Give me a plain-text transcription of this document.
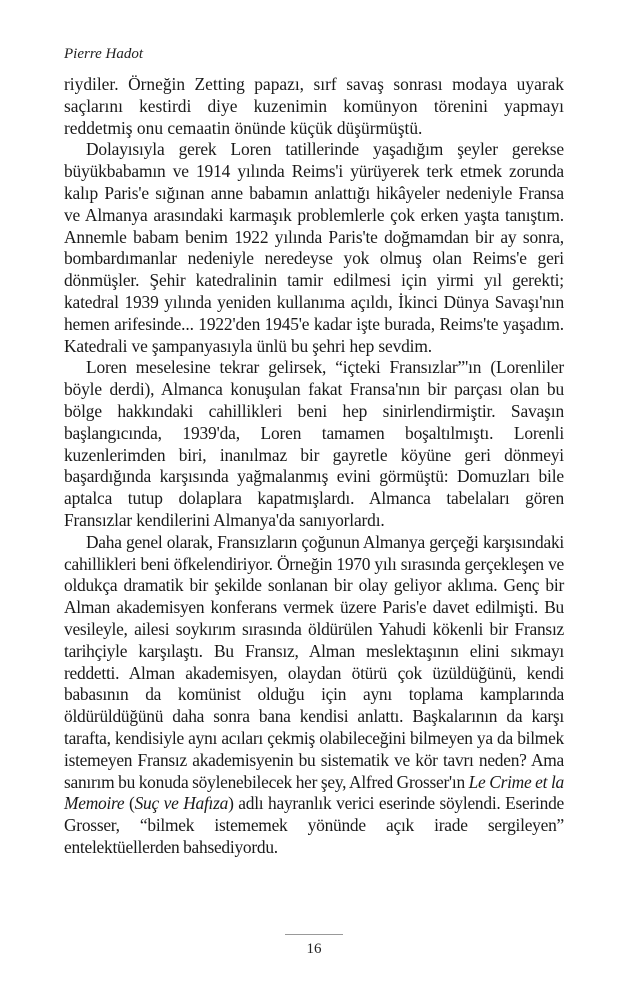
Pierre Hadot

riydiler. Örneğin Zetting papazı, sırf savaş sonrası modaya uyarak saçlarını kestirdi diye kuzenimin komünyon törenini yapmayı reddetmiş onu cemaatin önünde küçük düşürmüştü.

Dolayısıyla gerek Loren tatillerinde yaşadığım şeyler gerekse büyükbabamın ve 1914 yılında Reims'i yürüyerek terk etmek zorunda kalıp Paris'e sığınan anne babamın anlattığı hikâyeler nedeniyle Fransa ve Almanya arasındaki karmaşık problemlerle çok erken yaşta tanıştım. Annemle babam benim 1922 yılında Paris'te doğmamdan bir ay sonra, bombardımanlar nedeniyle neredeyse yok olmuş olan Reims'e geri dönmüşler. Şehir katedralinin tamir edilmesi için yirmi yıl gerekti; katedral 1939 yılında yeniden kullanıma açıldı, İkinci Dünya Savaşı'nın hemen arifesinde... 1922'den 1945'e kadar işte burada, Reims'te yaşadım. Katedrali ve şampanyasıyla ünlü bu şehri hep sevdim.

Loren meselesine tekrar gelirsek, “içteki Fransızlar”'ın (Lorenliler böyle derdi), Almanca konuşulan fakat Fransa'nın bir parçası olan bu bölge hakkındaki cahillikleri beni hep sinirlendirmiştir. Savaşın başlangıcında, 1939'da, Loren tamamen boşaltılmıştı. Lorenli kuzenlerimden biri, inanılmaz bir gayretle köyüne geri dönmeyi başardığında karşısında yağmalanmış evini görmüştü: Domuzları bile aptalca tutup dolaplara kapatmışlardı. Almanca tabelaları gören Fransızlar kendilerini Almanya'da sanıyorlardı.

Daha genel olarak, Fransızların çoğunun Almanya gerçeği karşısındaki cahillikleri beni öfkelendiriyor. Örneğin 1970 yılı sırasında gerçekleşen ve oldukça dramatik bir şekilde sonlanan bir olay geliyor aklıma. Genç bir Alman akademisyen konferans vermek üzere Paris'e davet edilmişti. Bu vesileyle, ailesi soykırım sırasında öldürülen Yahudi kökenli bir Fransız tarihçiyle karşılaştı. Bu Fransız, Alman meslektaşının elini sıkmayı reddetti. Alman akademisyen, olaydan ötürü çok üzüldüğünü, kendi babasının da komünist olduğu için aynı toplama kamplarında öldürüldüğünü daha sonra bana kendisi anlattı. Başkalarının da karşı tarafta, kendisiyle aynı acıları çekmiş olabileceğini bilmeyen ya da bilmek istemeyen Fransız akademisyenin bu sistematik ve kör tavrı neden? Ama sanırım bu konuda söylenebilecek her şey, Alfred Grosser'ın Le Crime et la Memoire (Suç ve Hafıza) adlı hayranlık verici eserinde söylendi. Eserinde Grosser, “bilmek istememek yönünde açık irade sergileyen” entelektüellerden bahsediyordu.

16
